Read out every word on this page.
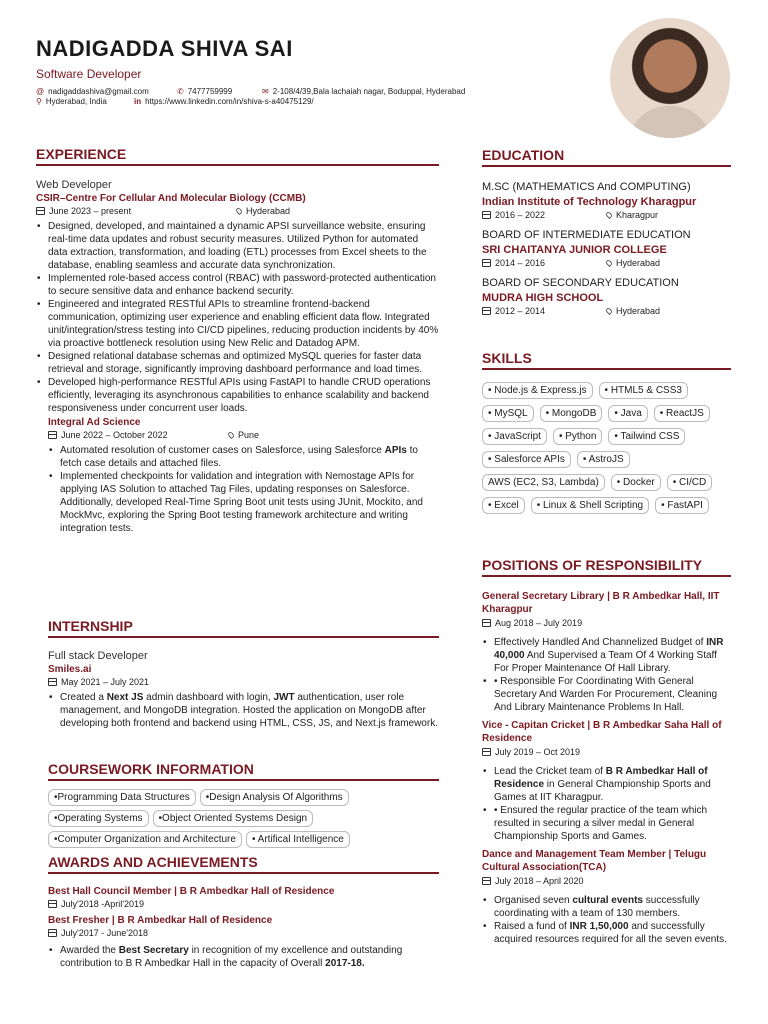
NADIGADDA SHIVA SAI
Software Developer
@ nadigaddashiva@gmail.com	✆ 7477759999	✉ 2-108/4/39,Bala lachaiah nagar, Boduppal, Hyderabad
⚲ Hyderabad, India	in https://www.linkedin.com/in/shiva-s-a40475129/
EXPERIENCE
Web Developer
CSIR–Centre For Cellular And Molecular Biology (CCMB)
June 2023 – present	Hyderabad
• Designed, developed, and maintained a dynamic APSI surveillance website, ensuring real-time data updates and robust security measures. Utilized Python for automated data extraction, transformation, and loading (ETL) processes from Excel sheets to the database, enabling seamless and accurate data synchronization.
• Implemented role-based access control (RBAC) with password-protected authentication to secure sensitive data and enhance backend security.
• Engineered and integrated RESTful APIs to streamline frontend-backend communication, optimizing user experience and enabling efficient data flow. Integrated unit/integration/stress testing into CI/CD pipelines, reducing production incidents by 40% via proactive bottleneck resolution using New Relic and Datadog APM.
• Designed relational database schemas and optimized MySQL queries for faster data retrieval and storage, significantly improving dashboard performance and load times.
• Developed high-performance RESTful APIs using FastAPI to handle CRUD operations efficiently, leveraging its asynchronous capabilities to enhance scalability and backend responsiveness under concurrent user loads.
Integral Ad Science
June 2022 – October 2022	Pune
• Automated resolution of customer cases on Salesforce, using Salesforce APIs to fetch case details and attached files.
• Implemented checkpoints for validation and integration with Nemostage APIs for applying IAS Solution to attached Tag Files, updating responses on Salesforce. Additionally, developed Real-Time Spring Boot unit tests using JUnit, Mockito, and MockMvc, exploring the Spring Boot testing framework architecture and writing integration tests.
INTERNSHIP
Full stack Developer
Smiles.ai
May 2021 – July 2021
• Created a Next JS admin dashboard with login, JWT authentication, user role management, and MongoDB integration. Hosted the application on MongoDB after developing both frontend and backend using HTML, CSS, JS, and Next.js framework.
COURSEWORK INFORMATION
•Programming Data Structures	•Design Analysis Of Algorithms
•Operating Systems	•Object Oriented Systems Design
•Computer Organization and Architecture	• Artifical Intelligence
AWARDS AND ACHIEVEMENTS
Best Hall Council Member | B R Ambedkar Hall of Residence
July'2018 -April'2019
Best Fresher | B R Ambedkar Hall of Residence
July'2017 - June'2018
• Awarded the Best Secretary in recognition of my excellence and outstanding contribution to B R Ambedkar Hall in the capacity of Overall 2017-18.
EDUCATION
M.SC (MATHEMATICS And COMPUTING)
Indian Institute of Technology Kharagpur
2016 – 2022	Kharagpur
BOARD OF INTERMEDIATE EDUCATION
SRI CHAITANYA JUNIOR COLLEGE
2014 – 2016	Hyderabad
BOARD OF SECONDARY EDUCATION
MUDRA HIGH SCHOOL
2012 – 2014	Hyderabad
SKILLS
• Node.js & Express.js	• HTML5 & CSS3
• MySQL	• MongoDB	• Java	• ReactJS
• JavaScript	• Python	• Tailwind CSS
• Salesforce APIs	• AstroJS
AWS (EC2, S3, Lambda)	• Docker	• CI/CD
• Excel	• Linux & Shell Scripting	• FastAPI
POSITIONS OF RESPONSIBILITY
General Secretary Library | B R Ambedkar Hall, IIT Kharagpur
Aug 2018 – July 2019
• Effectively Handled And Channelized Budget of INR 40,000 And Supervised a Team Of 4 Working Staff For Proper Maintenance Of Hall Library.
• • Responsible For Coordinating With General Secretary And Warden For Procurement, Cleaning And Library Maintenance Problems In Hall.
Vice - Capitan Cricket | B R Ambedkar Saha Hall of Residence
July 2019 – Oct 2019
• Lead the Cricket team of B R Ambedkar Hall of Residence in General Championship Sports and Games at IIT Kharagpur.
• • Ensured the regular practice of the team which resulted in securing a silver medal in General Championship Sports and Games.
Dance and Management Team Member | Telugu Cultural Association(TCA)
July 2018 – April 2020
• Organised seven cultural events successfully coordinating with a team of 130 members.
• Raised a fund of INR 1,50,000 and successfully acquired resources required for all the seven events.
